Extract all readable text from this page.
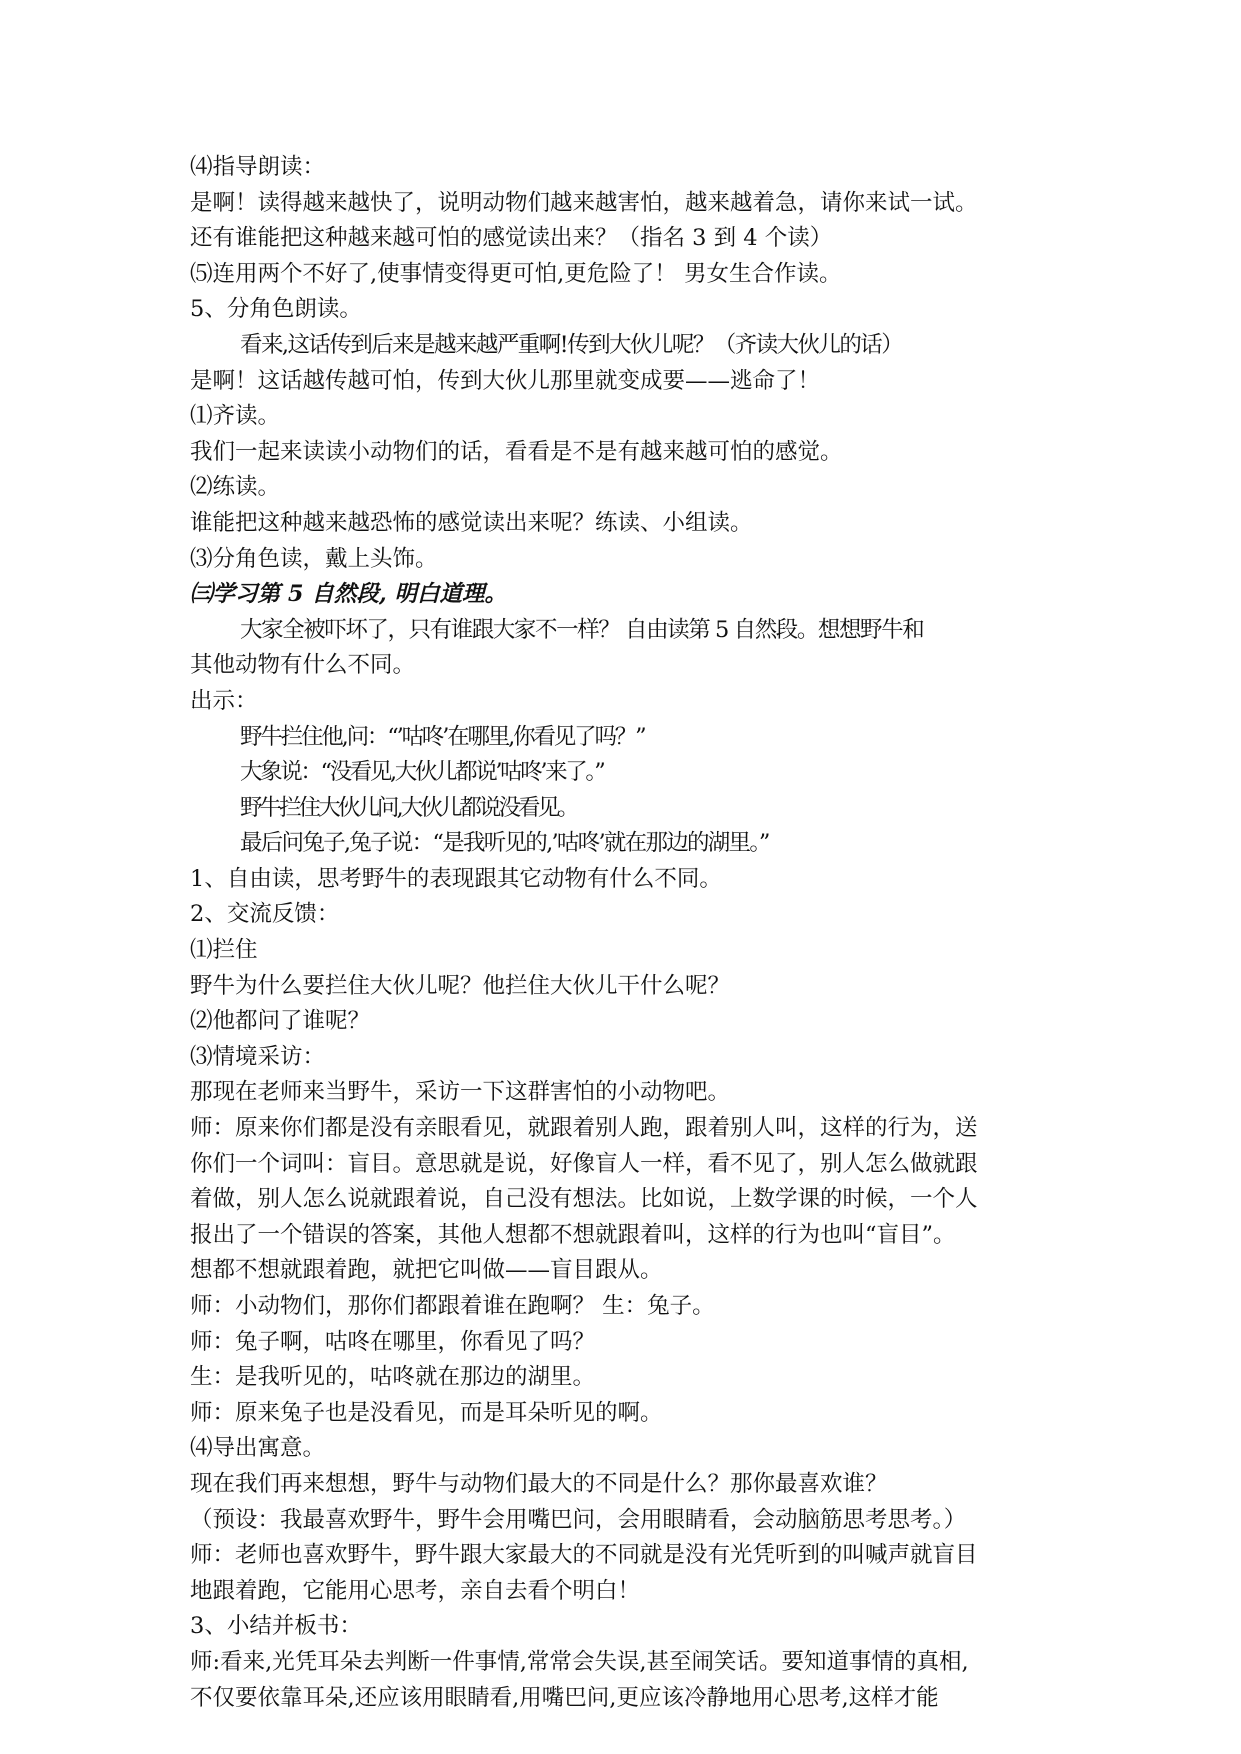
⑷指导朗读：
是啊！读得越来越快了，说明动物们越来越害怕，越来越着急，请你来试一试。
还有谁能把这种越来越可怕的感觉读出来？（指名 3 到 4 个读）
⑸连用两个不好了,使事情变得更可怕,更危险了！ 男女生合作读。
5、分角色朗读。
看来,这话传到后来是越来越严重啊!传到大伙儿呢？（齐读大伙儿的话）
是啊！这话越传越可怕，传到大伙儿那里就变成要——逃命了！
⑴齐读。
我们一起来读读小动物们的话，看看是不是有越来越可怕的感觉。
⑵练读。
谁能把这种越来越恐怖的感觉读出来呢？练读、小组读。
⑶分角色读，戴上头饰。
㈢学习第 5 自然段, 明白道理。
大家全被吓坏了，只有谁跟大家不一样？ 自由读第 5 自然段。想想野牛和
其他动物有什么不同。
出示：
野牛拦住他,问：“’咕咚’在哪里,你看见了吗？”
大象说：“没看见,大伙儿都说’咕咚’来了。”
野牛拦住大伙儿问,大伙儿都说没看见。
最后问兔子,兔子说：“是我听见的,’咕咚’就在那边的湖里。”
1、自由读，思考野牛的表现跟其它动物有什么不同。
2、交流反馈：
⑴拦住
野牛为什么要拦住大伙儿呢？他拦住大伙儿干什么呢？
⑵他都问了谁呢？
⑶情境采访：
那现在老师来当野牛，采访一下这群害怕的小动物吧。
师：原来你们都是没有亲眼看见，就跟着别人跑，跟着别人叫，这样的行为，送
你们一个词叫：盲目。意思就是说，好像盲人一样，看不见了，别人怎么做就跟
着做，别人怎么说就跟着说，自己没有想法。比如说，上数学课的时候，一个人
报出了一个错误的答案，其他人想都不想就跟着叫，这样的行为也叫“盲目”。
想都不想就跟着跑，就把它叫做——盲目跟从。
师：小动物们，那你们都跟着谁在跑啊？ 生：兔子。
师：兔子啊，咕咚在哪里，你看见了吗？
生：是我听见的，咕咚就在那边的湖里。
师：原来兔子也是没看见，而是耳朵听见的啊。
⑷导出寓意。
现在我们再来想想，野牛与动物们最大的不同是什么？那你最喜欢谁？
（预设：我最喜欢野牛，野牛会用嘴巴问，会用眼睛看，会动脑筋思考思考。）
师：老师也喜欢野牛，野牛跟大家最大的不同就是没有光凭听到的叫喊声就盲目
地跟着跑，它能用心思考，亲自去看个明白！
3、小结并板书：
师:看来,光凭耳朵去判断一件事情,常常会失误,甚至闹笑话。要知道事情的真相,
不仅要依靠耳朵,还应该用眼睛看,用嘴巴问,更应该冷静地用心思考,这样才能
